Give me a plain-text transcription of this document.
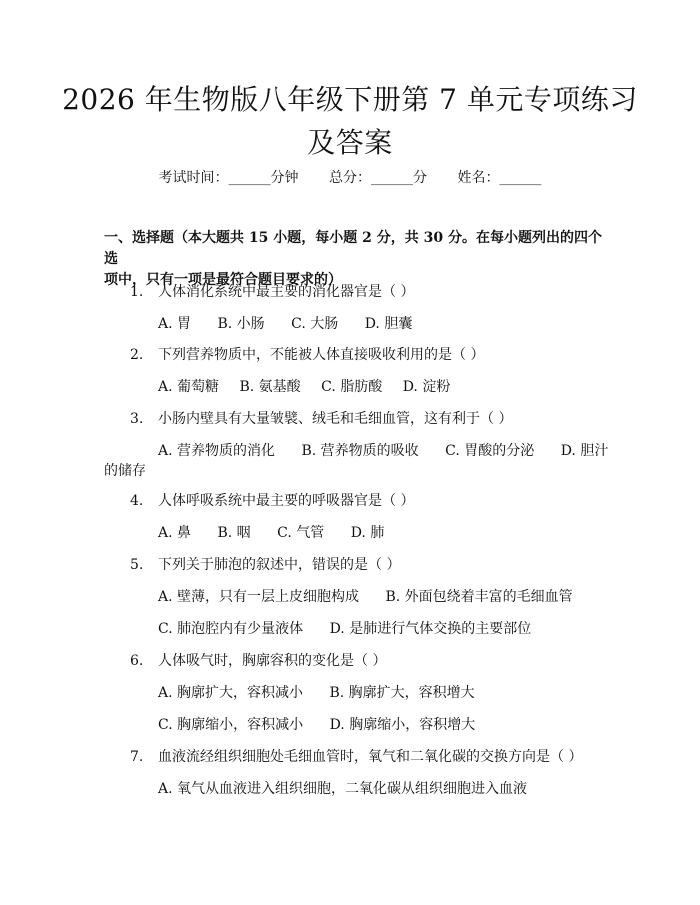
2026 年生物版八年级下册第 7 单元专项练习
及答案
考试时间：______分钟 总分：______分 姓名：______
一、选择题（本大题共 15 小题，每小题 2 分，共 30 分。在每小题列出的四个选
项中，只有一项是最符合题目要求的）
1. 人体消化系统中最主要的消化器官是（ ）
A. 胃 B. 小肠 C. 大肠 D. 胆囊
2. 下列营养物质中，不能被人体直接吸收利用的是（ ）
A. 葡萄糖 B. 氨基酸 C. 脂肪酸 D. 淀粉
3. 小肠内壁具有大量皱襞、绒毛和毛细血管，这有利于（ ）
A. 营养物质的消化 B. 营养物质的吸收 C. 胃酸的分泌 D. 胆汁
的储存
4. 人体呼吸系统中最主要的呼吸器官是（ ）
A. 鼻 B. 咽 C. 气管 D. 肺
5. 下列关于肺泡的叙述中，错误的是（ ）
A. 壁薄，只有一层上皮细胞构成 B. 外面包绕着丰富的毛细血管
C. 肺泡腔内有少量液体 D. 是肺进行气体交换的主要部位
6. 人体吸气时，胸廓容积的变化是（ ）
A. 胸廓扩大，容积减小 B. 胸廓扩大，容积增大
C. 胸廓缩小，容积减小 D. 胸廓缩小，容积增大
7. 血液流经组织细胞处毛细血管时，氧气和二氧化碳的交换方向是（ ）
A. 氧气从血液进入组织细胞，二氧化碳从组织细胞进入血液
